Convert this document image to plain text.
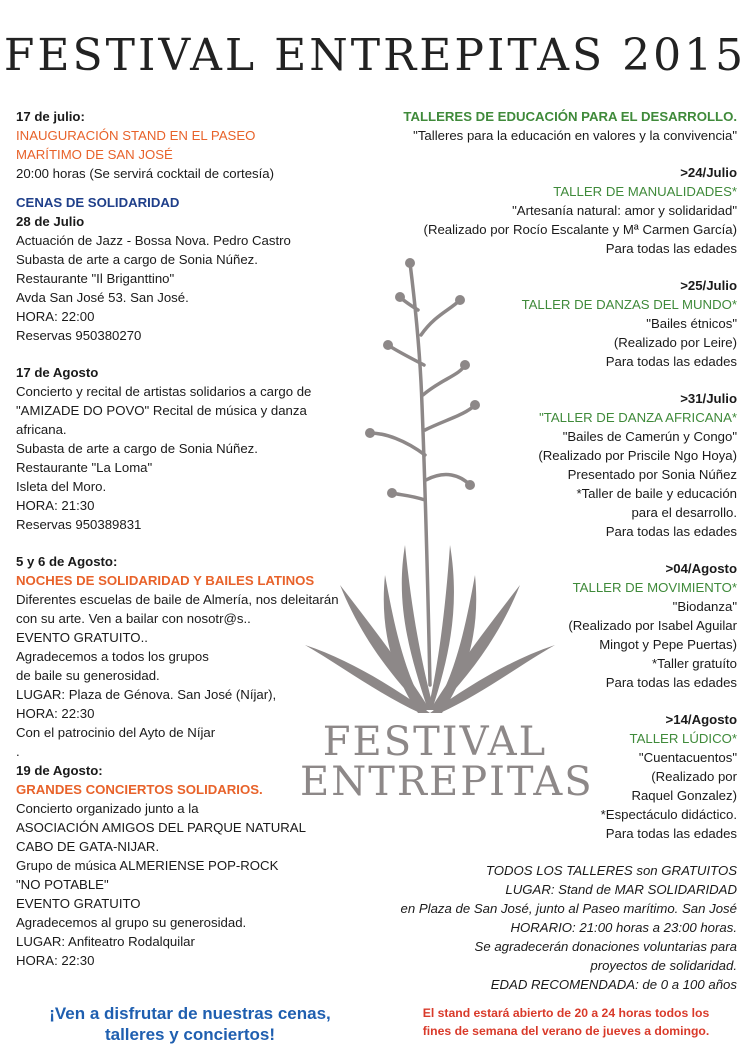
FESTIVAL ENTREPITAS 2015
FESTIVAL
ENTREPITAS
17 de julio:
INAUGURACIÓN STAND EN EL PASEO
MARÍTIMO DE SAN JOSÉ
20:00 horas (Se servirá cocktail de cortesía)
CENAS DE SOLIDARIDAD
28 de Julio
Actuación de Jazz - Bossa Nova. Pedro Castro
Subasta de arte a cargo de Sonia Núñez.
Restaurante "Il Briganttino"
Avda San José 53. San José.
HORA: 22:00
Reservas 950380270
17 de Agosto
Concierto y recital de artistas solidarios a cargo de
"AMIZADE DO POVO" Recital de música y danza
africana.
Subasta de arte a cargo de Sonia Núñez.
Restaurante "La Loma"
Isleta del Moro.
HORA: 21:30
Reservas 950389831
5 y 6 de Agosto:
NOCHES DE SOLIDARIDAD Y BAILES LATINOS
Diferentes escuelas de baile de Almería, nos deleitarán
con su arte. Ven a bailar con nosotr@s..
EVENTO GRATUITO..
Agradecemos a todos los grupos
de baile su generosidad.
LUGAR: Plaza de Génova. San José (Níjar),
HORA: 22:30
Con el patrocinio del Ayto de Níjar
.
19 de Agosto:
GRANDES CONCIERTOS SOLIDARIOS.
Concierto organizado junto a la
ASOCIACIÓN AMIGOS DEL PARQUE NATURAL
CABO DE GATA-NIJAR.
Grupo de música ALMERIENSE POP-ROCK
"NO POTABLE"
EVENTO GRATUITO
Agradecemos al grupo su generosidad.
LUGAR: Anfiteatro Rodalquilar
HORA: 22:30
TALLERES DE EDUCACIÓN PARA EL DESARROLLO.
"Talleres para la educación en valores y la convivencia"
>24/Julio
TALLER DE MANUALIDADES*
"Artesanía natural: amor y solidaridad"
(Realizado por Rocío Escalante y Mª Carmen García)
Para todas las edades
>25/Julio
TALLER DE DANZAS DEL MUNDO*
"Bailes étnicos"
(Realizado por Leire)
Para todas las edades
>31/Julio
"TALLER DE DANZA AFRICANA*
"Bailes de Camerún y Congo"
(Realizado por Priscile Ngo Hoya)
Presentado por Sonia Núñez
*Taller de baile y educación
para el desarrollo.
Para todas las edades
>04/Agosto
TALLER DE MOVIMIENTO*
"Biodanza"
(Realizado por Isabel Aguilar
Mingot y Pepe Puertas)
*Taller gratuíto
Para todas las edades
>14/Agosto
TALLER LÚDICO*
"Cuentacuentos"
(Realizado por
Raquel Gonzalez)
*Espectáculo didáctico.
Para todas las edades
TODOS LOS TALLERES son GRATUITOS
LUGAR: Stand de MAR SOLIDARIDAD
en Plaza de San José, junto al Paseo marítimo. San José
HORARIO: 21:00 horas a 23:00 horas.
Se agradecerán donaciones voluntarias para
proyectos de solidaridad.
EDAD RECOMENDADA: de 0 a 100 años
¡Ven a disfrutar de nuestras cenas,
talleres y conciertos!
El stand estará abierto de 20 a 24 horas todos los
fines de semana del verano de jueves a domingo.
